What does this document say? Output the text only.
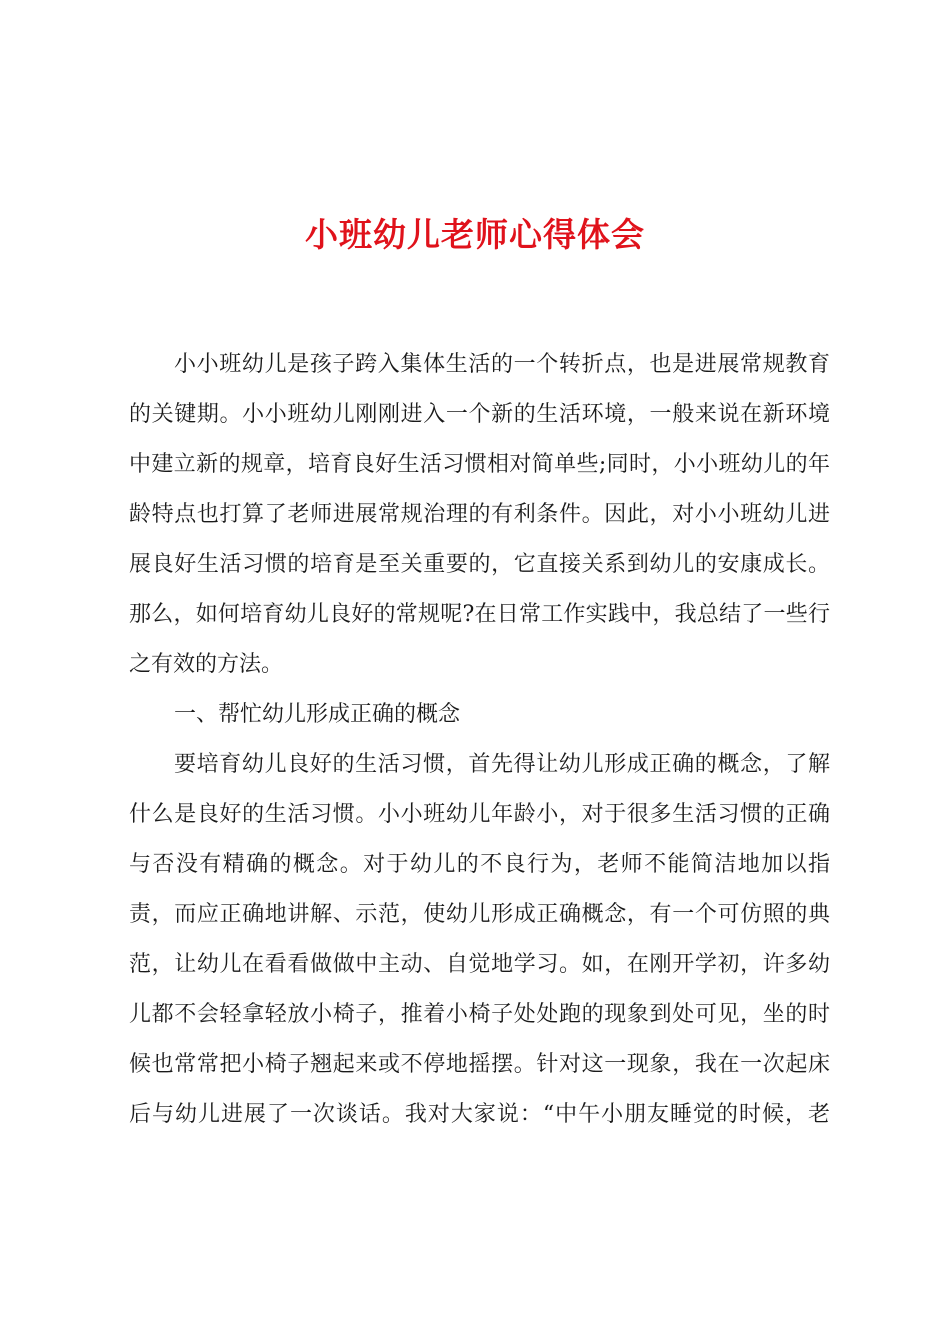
小班幼儿老师心得体会
小小班幼儿是孩子跨入集体生活的一个转折点，也是进展常规教育
的关键期。小小班幼儿刚刚进入一个新的生活环境，一般来说在新环境
中建立新的规章，培育良好生活习惯相对简单些;同时，小小班幼儿的年
龄特点也打算了老师进展常规治理的有利条件。因此，对小小班幼儿进
展良好生活习惯的培育是至关重要的，它直接关系到幼儿的安康成长。
那么，如何培育幼儿良好的常规呢?在日常工作实践中，我总结了一些行
之有效的方法。
一、帮忙幼儿形成正确的概念
要培育幼儿良好的生活习惯，首先得让幼儿形成正确的概念，了解
什么是良好的生活习惯。小小班幼儿年龄小，对于很多生活习惯的正确
与否没有精确的概念。对于幼儿的不良行为，老师不能简洁地加以指
责，而应正确地讲解、示范，使幼儿形成正确概念，有一个可仿照的典
范，让幼儿在看看做做中主动、自觉地学习。如，在刚开学初，许多幼
儿都不会轻拿轻放小椅子，推着小椅子处处跑的现象到处可见，坐的时
候也常常把小椅子翘起来或不停地摇摆。针对这一现象，我在一次起床
后与幼儿进展了一次谈话。我对大家说：“中午小朋友睡觉的时候，老
